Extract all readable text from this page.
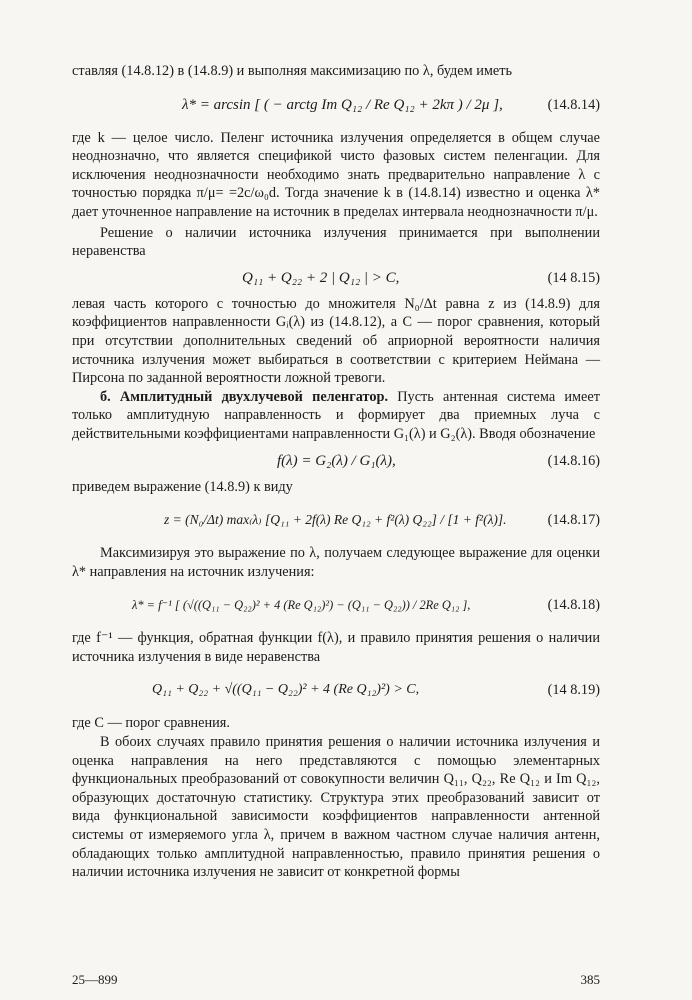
ставляя (14.8.12) в (14.8.9) и выполняя максимизацию по λ, будем иметь

λ* = arcsin [ ( − arctg Im Q₁₂ / Re Q₁₂ + 2kπ ) / 2μ ],	(14.8.14)

где k — целое число. Пеленг источника излучения определяется в общем случае неоднозначно, что является спецификой чисто фазовых систем пеленгации. Для исключения неоднозначности необходимо знать предварительно направление λ с точностью порядка π/μ= =2c/ω₀d. Тогда значение k в (14.8.14) известно и оценка λ* дает уточненное направление на источник в пределах интервала неоднозначности π/μ.

Решение о наличии источника излучения принимается при выполнении неравенства

Q₁₁ + Q₂₂ + 2 | Q₁₂ | > C,	(14 8.15)

левая часть которого с точностью до множителя N₀/Δt равна z из (14.8.9) для коэффициентов направленности Gᵢ(λ) из (14.8.12), а C — порог сравнения, который при отсутствии дополнительных сведений об априорной вероятности наличия источника излучения может выбираться в соответствии с критерием Неймана — Пирсона по заданной вероятности ложной тревоги.

б. Амплитудный двухлучевой пеленгатор. Пусть антенная система имеет только амплитудную направленность и формирует два приемных луча с действительными коэффициентами направленности G₁(λ) и G₂(λ). Вводя обозначение

f(λ) = G₂(λ) / G₁(λ),	(14.8.16)

приведем выражение (14.8.9) к виду

z = (N₀/Δt) max₍λ₎ [Q₁₁ + 2f(λ) Re Q₁₂ + f²(λ) Q₂₂] / [1 + f²(λ)].	(14.8.17)

Максимизируя это выражение по λ, получаем следующее выражение для оценки λ* направления на источник излучения:

λ* = f⁻¹ [ (√((Q₁₁ − Q₂₂)² + 4 (Re Q₁₂)²) − (Q₁₁ − Q₂₂)) / 2Re Q₁₂ ],	(14.8.18)

где f⁻¹ — функция, обратная функции f(λ), и правило принятия решения о наличии источника излучения в виде неравенства

Q₁₁ + Q₂₂ + √((Q₁₁ − Q₂₂)² + 4 (Re Q₁₂)²) > C,	(14 8.19)

где C — порог сравнения.

В обоих случаях правило принятия решения о наличии источника излучения и оценка направления на него представляются с помощью элементарных функциональных преобразований от совокупности величин Q₁₁, Q₂₂, Re Q₁₂ и Im Q₁₂, образующих достаточную статистику. Структура этих преобразований зависит от вида функциональной зависимости коэффициентов направленности антенной системы от измеряемого угла λ, причем в важном частном случае наличия антенн, обладающих только амплитудной направленностью, правило принятия решения о наличии источника излучения не зависит от конкретной формы

25—899	385
